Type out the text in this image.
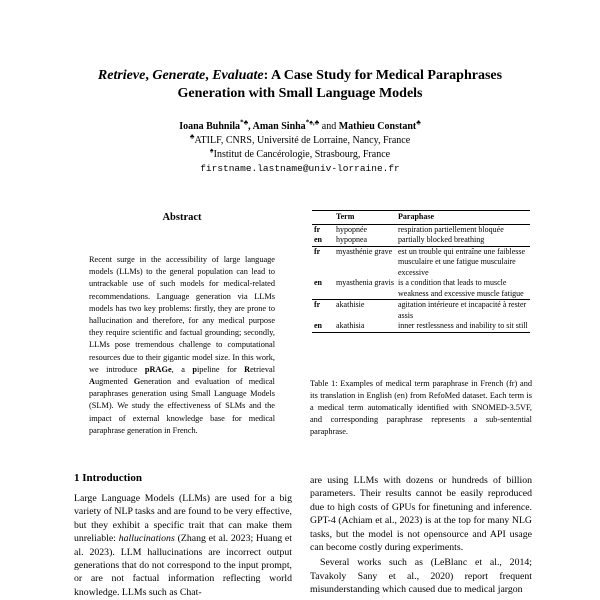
Retrieve, Generate, Evaluate: A Case Study for Medical Paraphrases
Generation with Small Language Models
Ioana Buhnila*♣, Aman Sinha*♠,♣ and Mathieu Constant♣
♣ATILF, CNRS, Université de Lorraine, Nancy, France
♠Institut de Cancérologie, Strasbourg, France
firstname.lastname@univ-lorraine.fr
Abstract
Recent surge in the accessibility of large language models (LLMs) to the general population can lead to untrackable use of such models for medical-related recommendations. Language generation via LLMs models has two key problems: firstly, they are prone to hallucination and therefore, for any medical purpose they require scientific and factual grounding; secondly, LLMs pose tremendous challenge to computational resources due to their gigantic model size. In this work, we introduce pRAGe, a pipeline for Retrieval Augmented Generation and evaluation of medical paraphrases generation using Small Language Models (SLM). We study the effectiveness of SLMs and the impact of external knowledge base for medical paraphrase generation in French.
	Term	Paraphase
fr	hypopnée	respiration partiellement bloquée
en	hypopnea	partially blocked breathing
fr	myasthénie grave	est un trouble qui entraîne une faiblesse musculaire et une fatigue musculaire excessive
en	myasthenia gravis	is a condition that leads to muscle weakness and excessive muscle fatigue
fr	akathisie	agitation intérieure et incapacité à rester assis
en	akathisia	inner restlessness and inability to sit still
Table 1: Examples of medical term paraphrase in French (fr) and its translation in English (en) from RefoMed dataset. Each term is a medical term automatically identified with SNOMED-3.5VF, and corresponding paraphrase represents a sub-sentential paraphrase.
1 Introduction
Large Language Models (LLMs) are used for a big variety of NLP tasks and are found to be very effective, but they exhibit a specific trait that can make them unreliable: hallucinations (Zhang et al. 2023; Huang et al. 2023). LLM hallucinations are incorrect output generations that do not correspond to the input prompt, or are not factual information reflecting world knowledge. LLMs such as Chat-

are using LLMs with dozens or hundreds of billion parameters. Their results cannot be easily reproduced due to high costs of GPUs for finetuning and inference. GPT-4 (Achiam et al., 2023) is at the top for many NLG tasks, but the model is not opensource and API usage can become costly during experiments.

Several works such as (LeBlanc et al., 2014; Tavakoly Sany et al., 2020) report frequent misunderstanding which caused due to medical jargon
